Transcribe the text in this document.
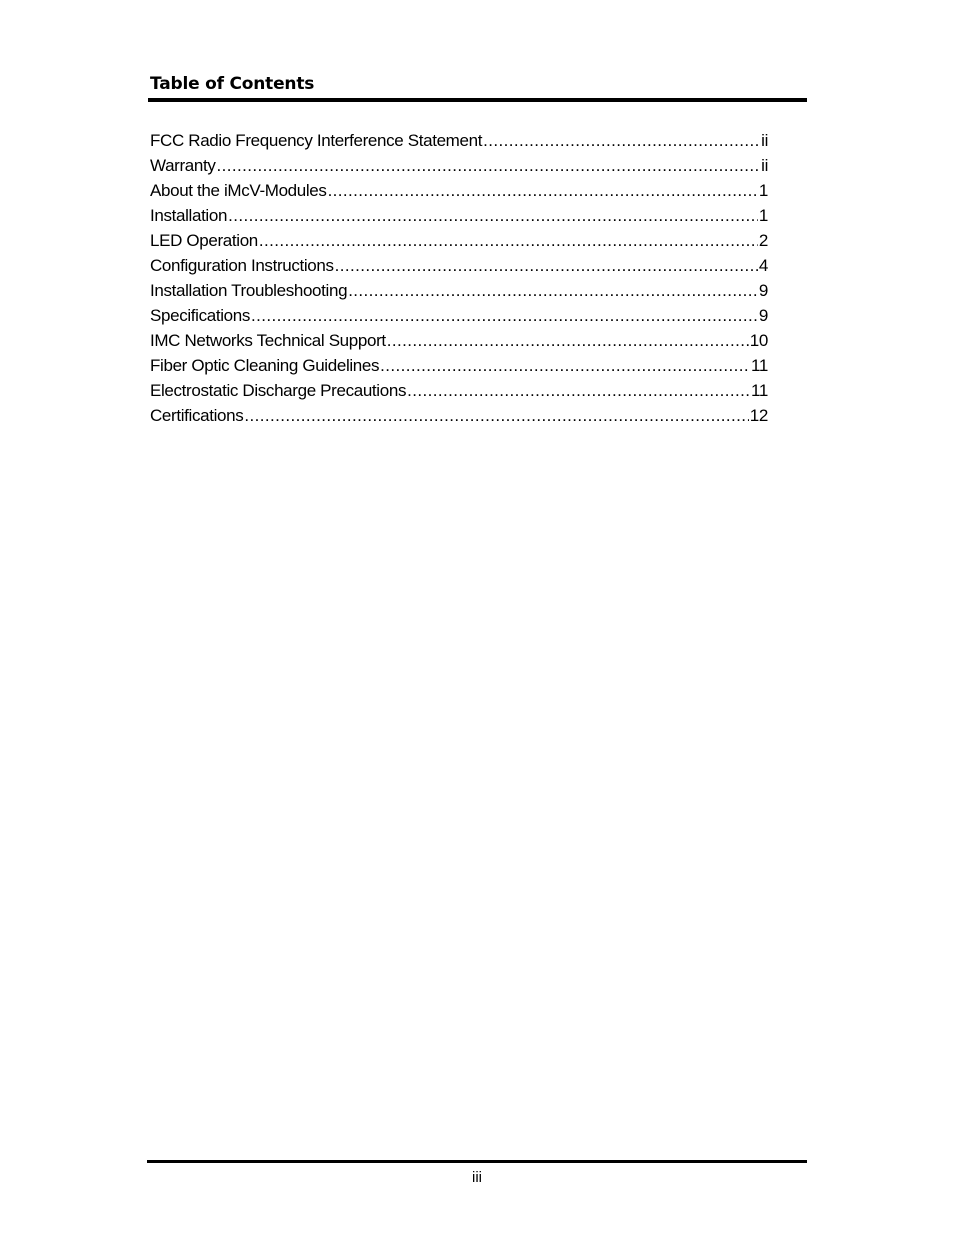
Table of Contents
FCC Radio Frequency Interference Statement .....	ii
Warranty .....	ii
About the iMcV-Modules .....	1
Installation .....	1
LED Operation .....	2
Configuration Instructions .....	4
Installation Troubleshooting .....	9
Specifications .....	9
IMC Networks Technical Support .....	10
Fiber Optic Cleaning Guidelines .....	11
Electrostatic Discharge Precautions .....	11
Certifications .....	12
iii
